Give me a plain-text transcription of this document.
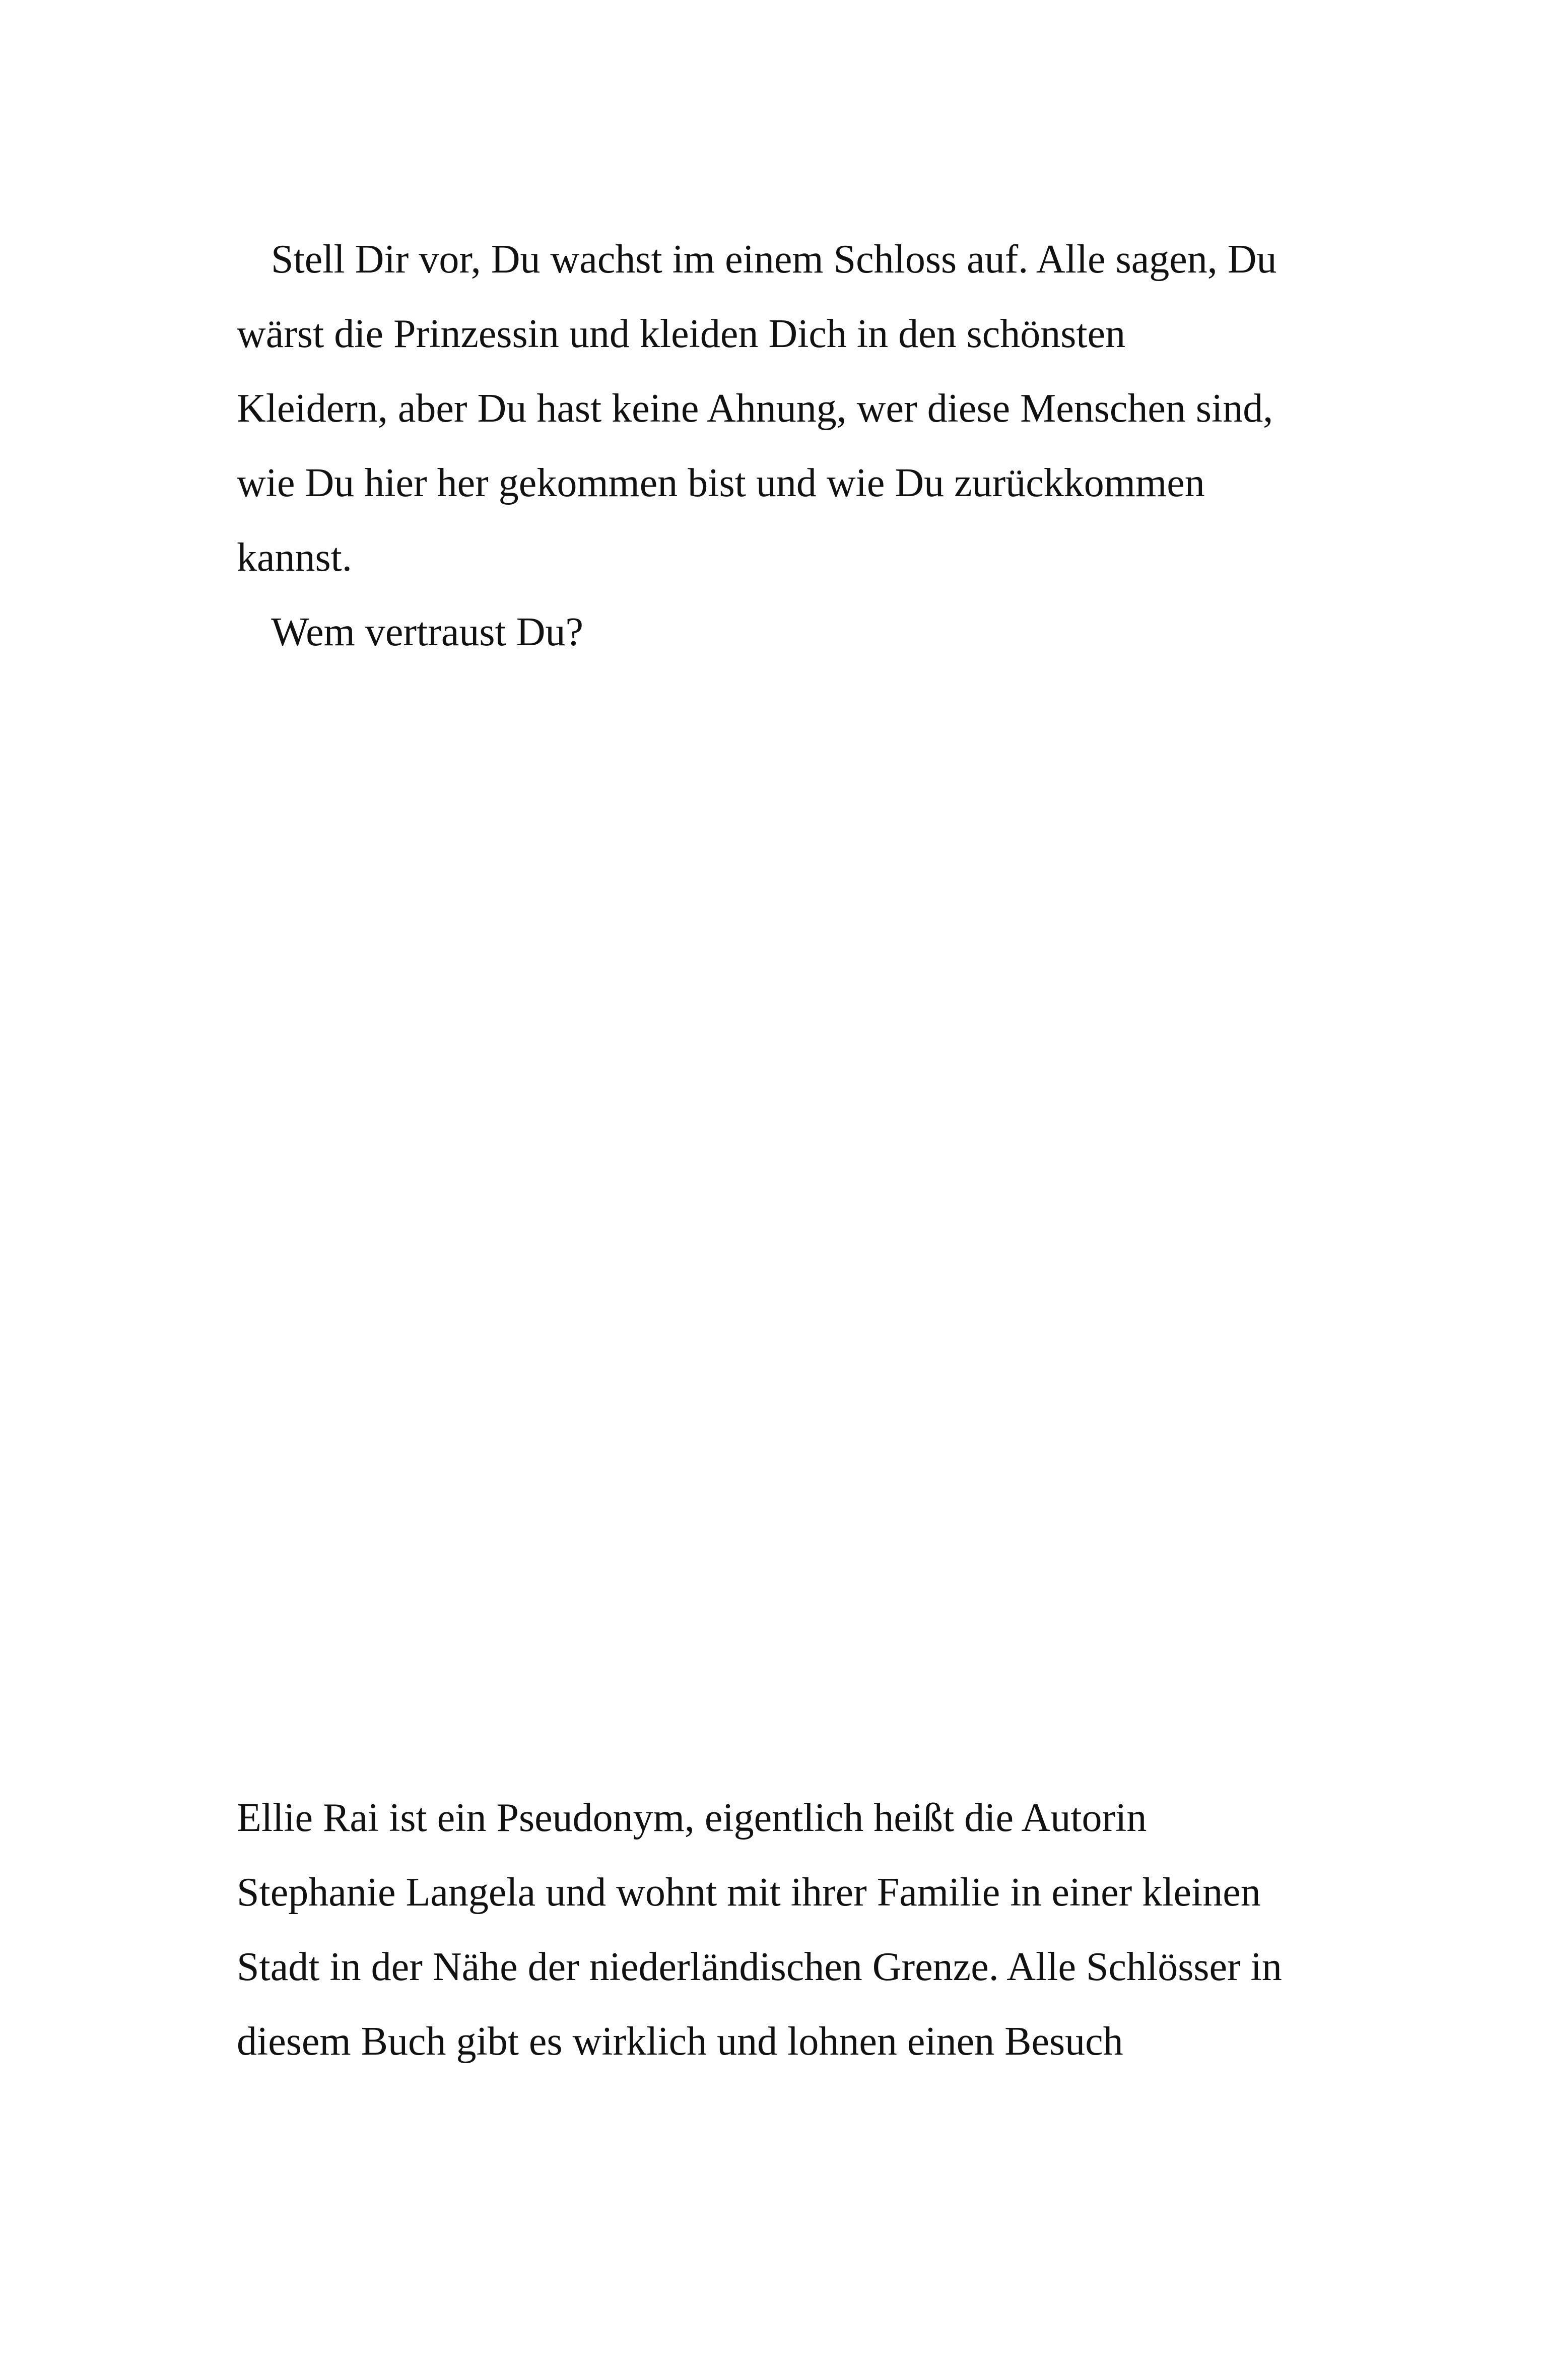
Stell Dir vor, Du wachst im einem Schloss auf. Alle sagen, Du
wärst die Prinzessin und kleiden Dich in den schönsten
Kleidern, aber Du hast keine Ahnung, wer diese Menschen sind,
wie Du hier her gekommen bist und wie Du zurückkommen
kannst.
Wem vertraust Du?
Ellie Rai ist ein Pseudonym, eigentlich heißt die Autorin
Stephanie Langela und wohnt mit ihrer Familie in einer kleinen
Stadt in der Nähe der niederländischen Grenze. Alle Schlösser in
diesem Buch gibt es wirklich und lohnen einen Besuch
